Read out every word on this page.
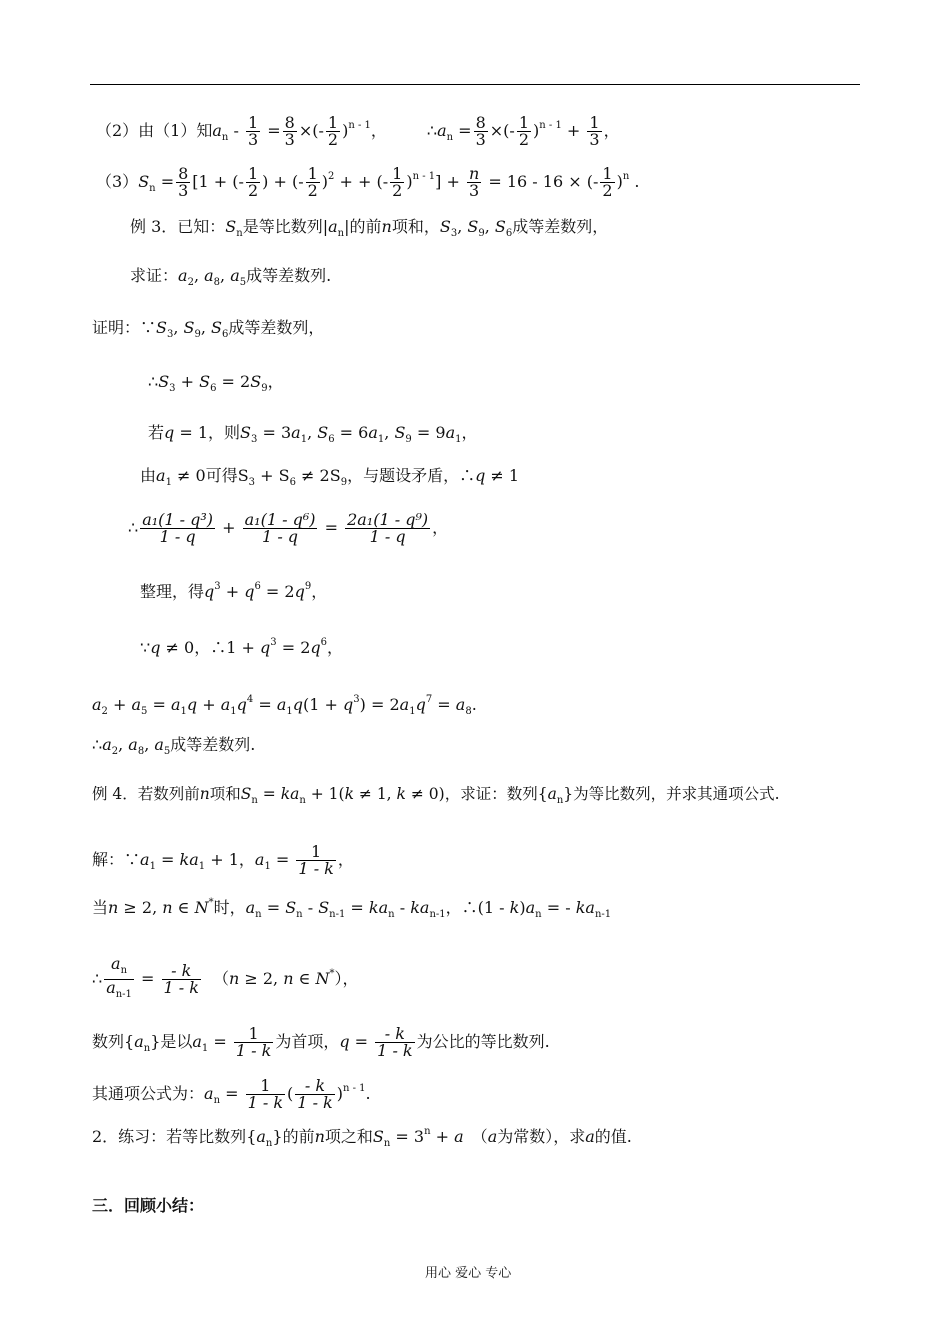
（2）由（1）知$a_n - \frac{1}{3} = \frac{8}{3}$ ×(- $\frac{1}{2} )^{n - 1}$，	$\therefore a_n = \frac{8}{3}$ ×(- $\frac{1}{2} )^{n - 1} + \frac{1}{3}$ ，
$(3)S_n = \frac{8}{3} [1$ + (- $\frac{1}{2}$ ) + (- $\frac{1}{2} )^2$ + + (- $\frac{1}{2} )^{n - 1}] + \frac{n}{3} = 16 - 16$ × (- $\frac{1}{2} )^n$ .
例 3．已知：$S_n$是等比数列$|a_n|$的前n项和，$S_3$, $S_9$, $S_6$成等差数列，
求证：$a_2$, $a_8$, $a_5$成等差数列.
证明：$\because S_3$, $S_9$, $S_6$成等差数列，
$\therefore S_3 + S_6 = 2S_9$，
若q = 1，则$S_3 = 3a_1$, $S_6 = 6a_1$, $S_9 = 9a_1$，
由$a_1 \ne 0$可得$S_3 + S_6 \ne 2S_9$，与题设矛盾，∴q ≠ 1
∴ $\frac{\text{a₁(1 - q³)}}{1 - q} + \frac{\text{a₁(1 - q⁶)}}{1 - q} = \frac{\text{2a₁(1 - q⁹)}}{1 - q}$ ，
整理，得$q^3 + q^6 = 2q^9$，
∵q ≠ 0，∴1 + $q^3 = 2q^6$，
$a_2 + a_5 = a_1q + a_1q^4 = a_1q(1 + q^3) = 2a_1q^7 = a_8$.
$\therefore a_2$, $a_8$, $a_5$成等差数列.
例 4．若数列前n项和$S_n = ka_n + 1(k \ne 1$, k ≠ 0)，求证：数列$\{a_n\}$为等比数列，并求其通项公式.
解：$\because a_1 = ka_1 + 1$，$a_1 = \frac{1}{1 - k}$ ，
当n ≥ 2, n ∈ N*时，$a_n = S_n - S_{n-1} = ka_n - ka_{n-1}$，∴(1 - $k)a_n$ = - $ka_{n-1}$
∴ $\frac{a_n}{a_{n-1}} = \frac{- k}{1 - k} (n \ge 2$, n ∈ N*），
数列$\{a_n\}$是以$a_1 = \frac{1}{1 - k}$ 为首项，$q = \frac{- k}{1 - k}$ 为公比的等比数列.
其通项公式为：$a_n = \frac{1}{1 - k}$ ( $\frac{- k}{1 - k} )^{n - 1}$.
2．练习：若等比数列$\{a_n\}$的前n项之和$S_n = 3^n + a$ （a为常数），求a的值.
三．回顾小结：
用心 爱心 专心
